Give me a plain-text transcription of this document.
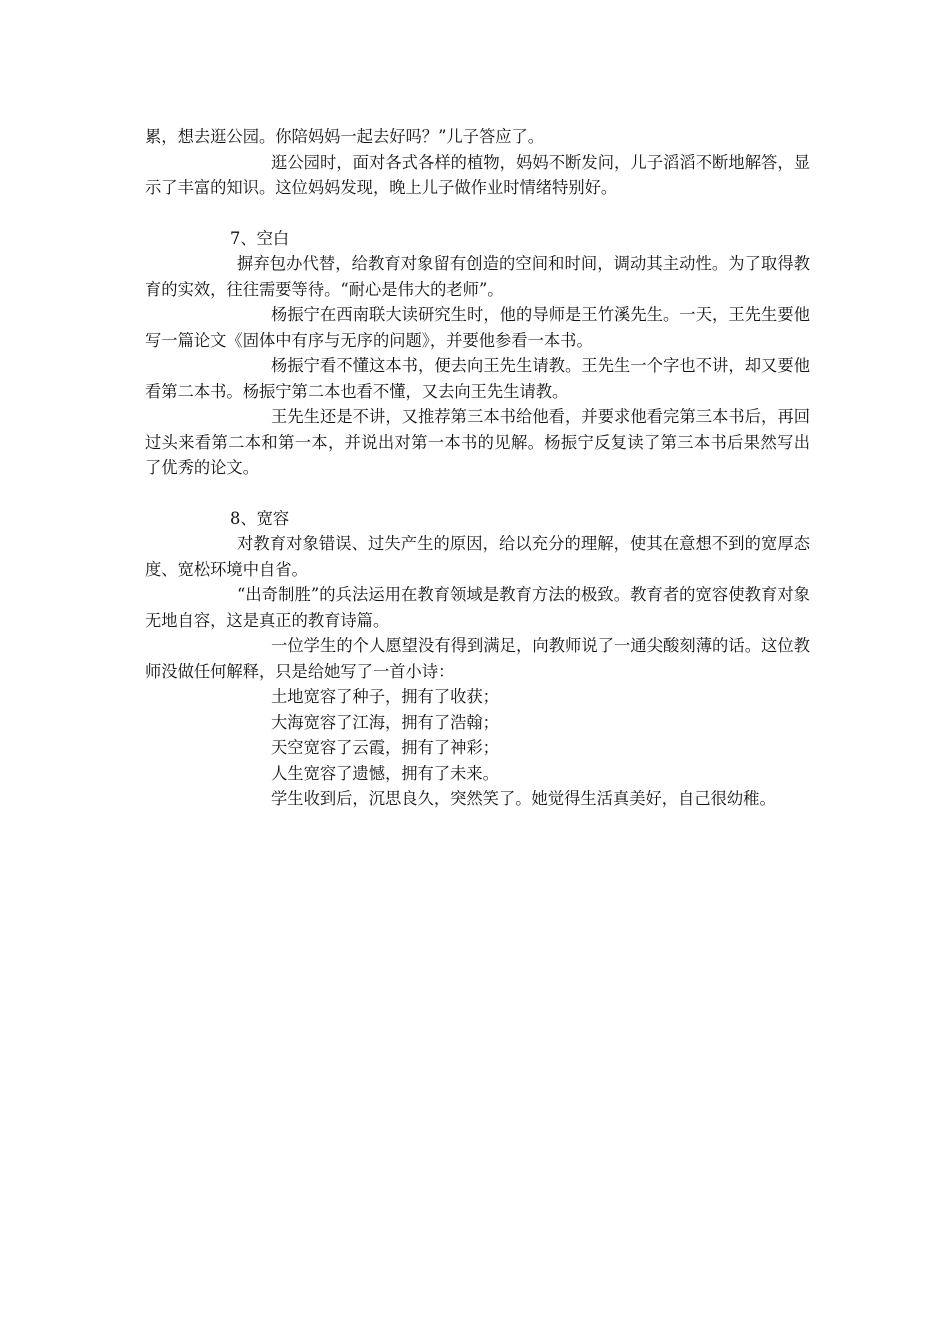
累，想去逛公园。你陪妈妈一起去好吗？”儿子答应了。

逛公园时，面对各式各样的植物，妈妈不断发问，儿子滔滔不断地解答，显示了丰富的知识。这位妈妈发现，晚上儿子做作业时情绪特别好。

7、空白

摒弃包办代替，给教育对象留有创造的空间和时间，调动其主动性。为了取得教育的实效，往往需要等待。“耐心是伟大的老师”。

杨振宁在西南联大读研究生时，他的导师是王竹溪先生。一天，王先生要他写一篇论文《固体中有序与无序的问题》，并要他参看一本书。

杨振宁看不懂这本书，便去向王先生请教。王先生一个字也不讲，却又要他看第二本书。杨振宁第二本也看不懂，又去向王先生请教。

王先生还是不讲，又推荐第三本书给他看，并要求他看完第三本书后，再回过头来看第二本和第一本，并说出对第一本书的见解。杨振宁反复读了第三本书后果然写出了优秀的论文。

8、宽容

对教育对象错误、过失产生的原因，给以充分的理解，使其在意想不到的宽厚态度、宽松环境中自省。

“出奇制胜”的兵法运用在教育领域是教育方法的极致。教育者的宽容使教育对象无地自容，这是真正的教育诗篇。

一位学生的个人愿望没有得到满足，向教师说了一通尖酸刻薄的话。这位教师没做任何解释，只是给她写了一首小诗：

土地宽容了种子，拥有了收获；

大海宽容了江海，拥有了浩翰；

天空宽容了云霞，拥有了神彩；

人生宽容了遗憾，拥有了未来。

学生收到后，沉思良久，突然笑了。她觉得生活真美好，自己很幼稚。
